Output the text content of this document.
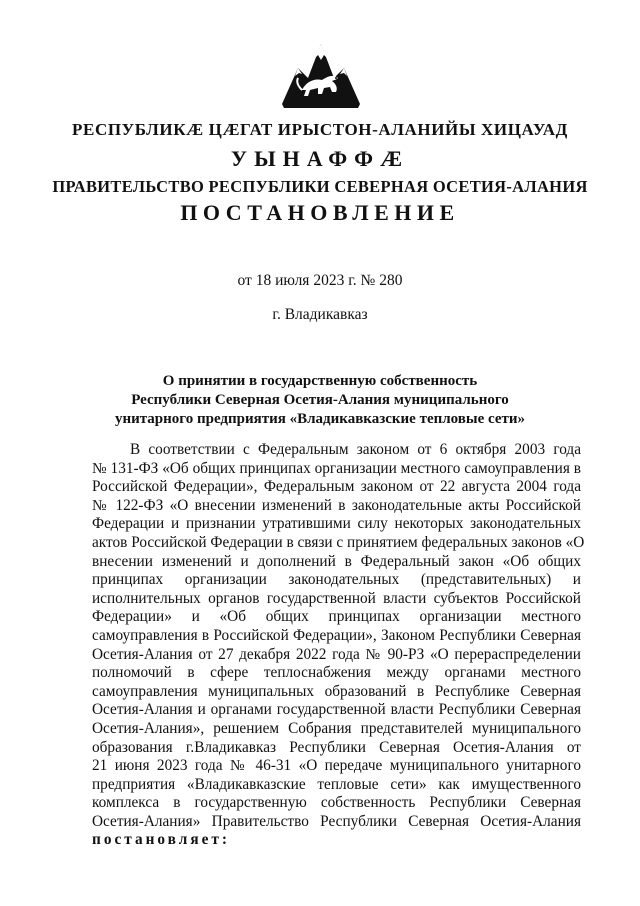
РЕСПУБЛИКӔ ЦӔГАТ ИРЫСТОН-АЛАНИЙЫ ХИЦАУАД
УЫНАФФӔ
ПРАВИТЕЛЬСТВО РЕСПУБЛИКИ СЕВЕРНАЯ ОСЕТИЯ-АЛАНИЯ
ПОСТАНОВЛЕНИЕ
от 18 июля 2023 г. № 280
г. Владикавказ
О принятии в государственную собственность
Республики Северная Осетия-Алания муниципального
унитарного предприятия «Владикавказские тепловые сети»
В соответствии с Федеральным законом от 6 октября 2003 года
№ 131-ФЗ «Об общих принципах организации местного самоуправления в
Российской Федерации», Федеральным законом от 22 августа 2004 года
№ 122-ФЗ «О внесении изменений в законодательные акты Российской
Федерации и признании утратившими силу некоторых законодательных
актов Российской Федерации в связи с принятием федеральных законов «О
внесении изменений и дополнений в Федеральный закон «Об общих
принципах организации законодательных (представительных) и
исполнительных органов государственной власти субъектов Российской
Федерации» и «Об общих принципах организации местного
самоуправления в Российской Федерации», Законом Республики Северная
Осетия-Алания от 27 декабря 2022 года № 90-РЗ «О перераспределении
полномочий в сфере теплоснабжения между органами местного
самоуправления муниципальных образований в Республике Северная
Осетия-Алания и органами государственной власти Республики Северная
Осетия-Алания», решением Собрания представителей муниципального
образования г.Владикавказ Республики Северная Осетия-Алания от
21 июня 2023 года № 46-31 «О передаче муниципального унитарного
предприятия «Владикавказские тепловые сети» как имущественного
комплекса в государственную собственность Республики Северная
Осетия-Алания» Правительство Республики Северная Осетия-Алания
постановляет:
